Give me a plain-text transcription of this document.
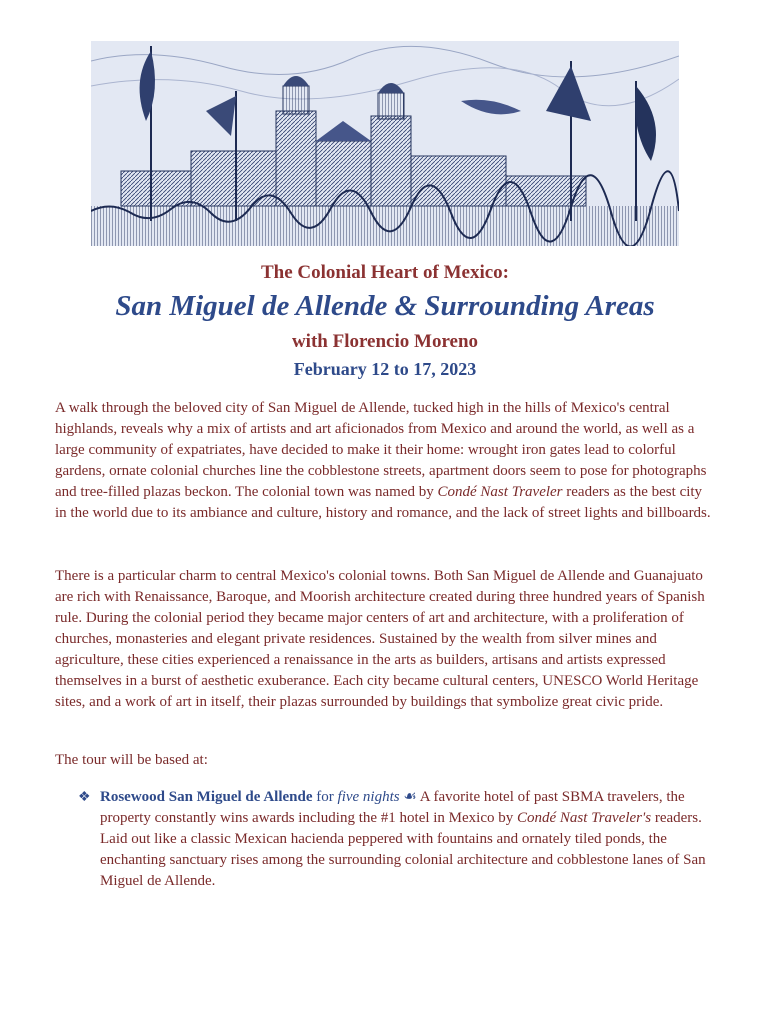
The Colonial Heart of Mexico:
San Miguel de Allende & Surrounding Areas
with Florencio Moreno
February 12 to 17, 2023

A walk through the beloved city of San Miguel de Allende, tucked high in the hills of Mexico's central highlands, reveals why a mix of artists and art aficionados from Mexico and around the world, as well as a large community of expatriates, have decided to make it their home: wrought iron gates lead to colorful gardens, ornate colonial churches line the cobblestone streets, apartment doors seem to pose for photographs and tree-filled plazas beckon. The colonial town was named by Condé Nast Traveler readers as the best city in the world due to its ambiance and culture, history and romance, and the lack of street lights and billboards.

There is a particular charm to central Mexico's colonial towns. Both San Miguel de Allende and Guanajuato are rich with Renaissance, Baroque, and Moorish architecture created during three hundred years of Spanish rule. During the colonial period they became major centers of art and architecture, with a proliferation of churches, monasteries and elegant private residences. Sustained by the wealth from silver mines and agriculture, these cities experienced a renaissance in the arts as builders, artisans and artists expressed themselves in a burst of aesthetic exuberance. Each city became cultural centers, UNESCO World Heritage sites, and a work of art in itself, their plazas surrounded by buildings that symbolize great civic pride.

The tour will be based at:

❖ Rosewood San Miguel de Allende for five nights ☙ A favorite hotel of past SBMA travelers, the property constantly wins awards including the #1 hotel in Mexico by Condé Nast Traveler's readers. Laid out like a classic Mexican hacienda peppered with fountains and ornately tiled ponds, the enchanting sanctuary rises among the surrounding colonial architecture and cobblestone lanes of San Miguel de Allende.
